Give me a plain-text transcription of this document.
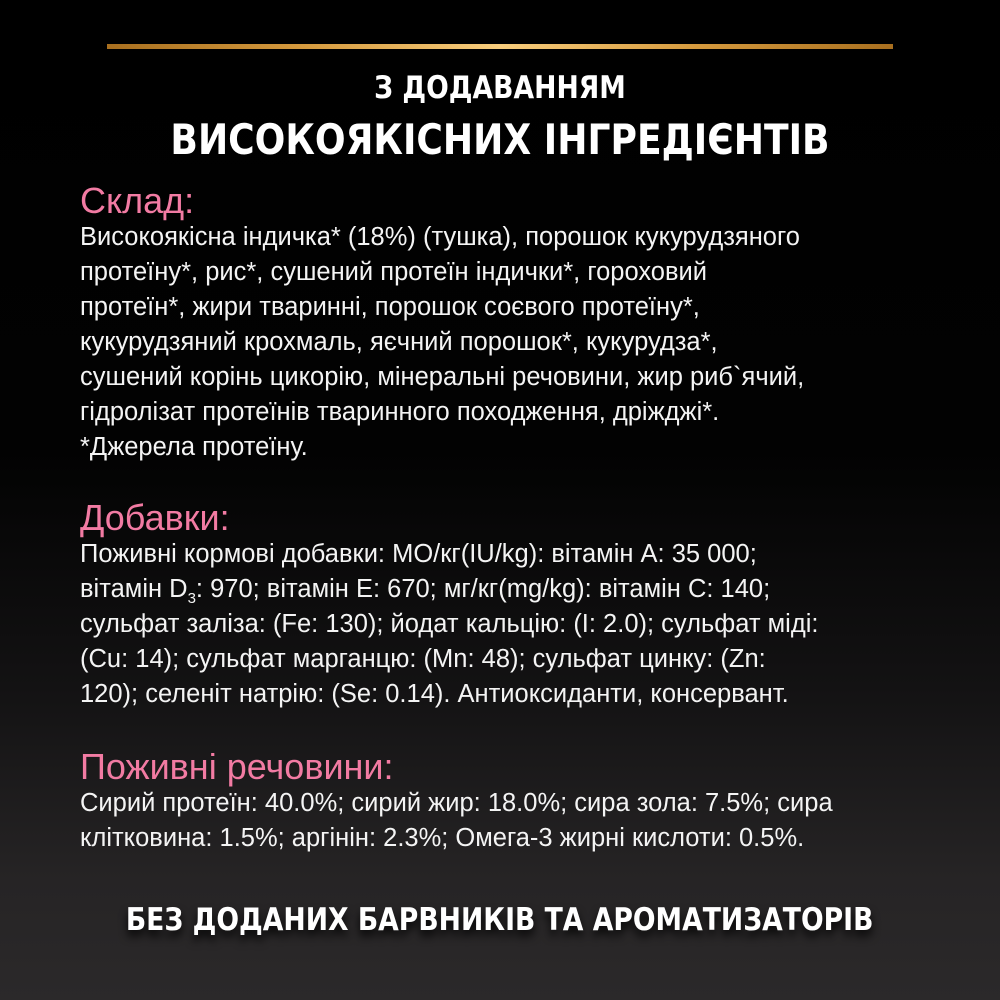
З ДОДАВАННЯМ
ВИСОКОЯКІСНИХ ІНГРЕДІЄНТІВ
Склад:

Високоякісна індичка* (18%) (тушка), порошок кукурудзяного
протеїну*, рис*, сушений протеїн індички*, гороховий
протеїн*, жири тваринні, порошок соєвого протеїну*,
кукурудзяний крохмаль, яєчний порошок*, кукурудза*,
сушений корінь цикорію, мінеральні речовини, жир риб`ячий,
гідролізат протеїнів тваринного походження, дріжджі*.
*Джерела протеїну.

Добавки:

Поживні кормові добавки: МО/кг(IU/kg): вітамін A: 35 000;
вітамін $D_3$: 970; вітамін E: 670; мг/кг(mg/kg): вітамін C: 140;
сульфат заліза: (Fe: 130); йодат кальцію: (I: 2.0); сульфат міді:
(Cu: 14); сульфат марганцю: (Mn: 48); сульфат цинку: (Zn:
120); селеніт натрію: (Se: 0.14). Антиоксиданти, консервант.

Поживні речовини:

Сирий протеїн: 40.0%; сирий жир: 18.0%; сира зола: 7.5%; сира
клітковина: 1.5%; аргінін: 2.3%; Омега-3 жирні кислоти: 0.5%.

БЕЗ ДОДАНИХ БАРВНИКІВ ТА АРОМАТИЗАТОРІВ
